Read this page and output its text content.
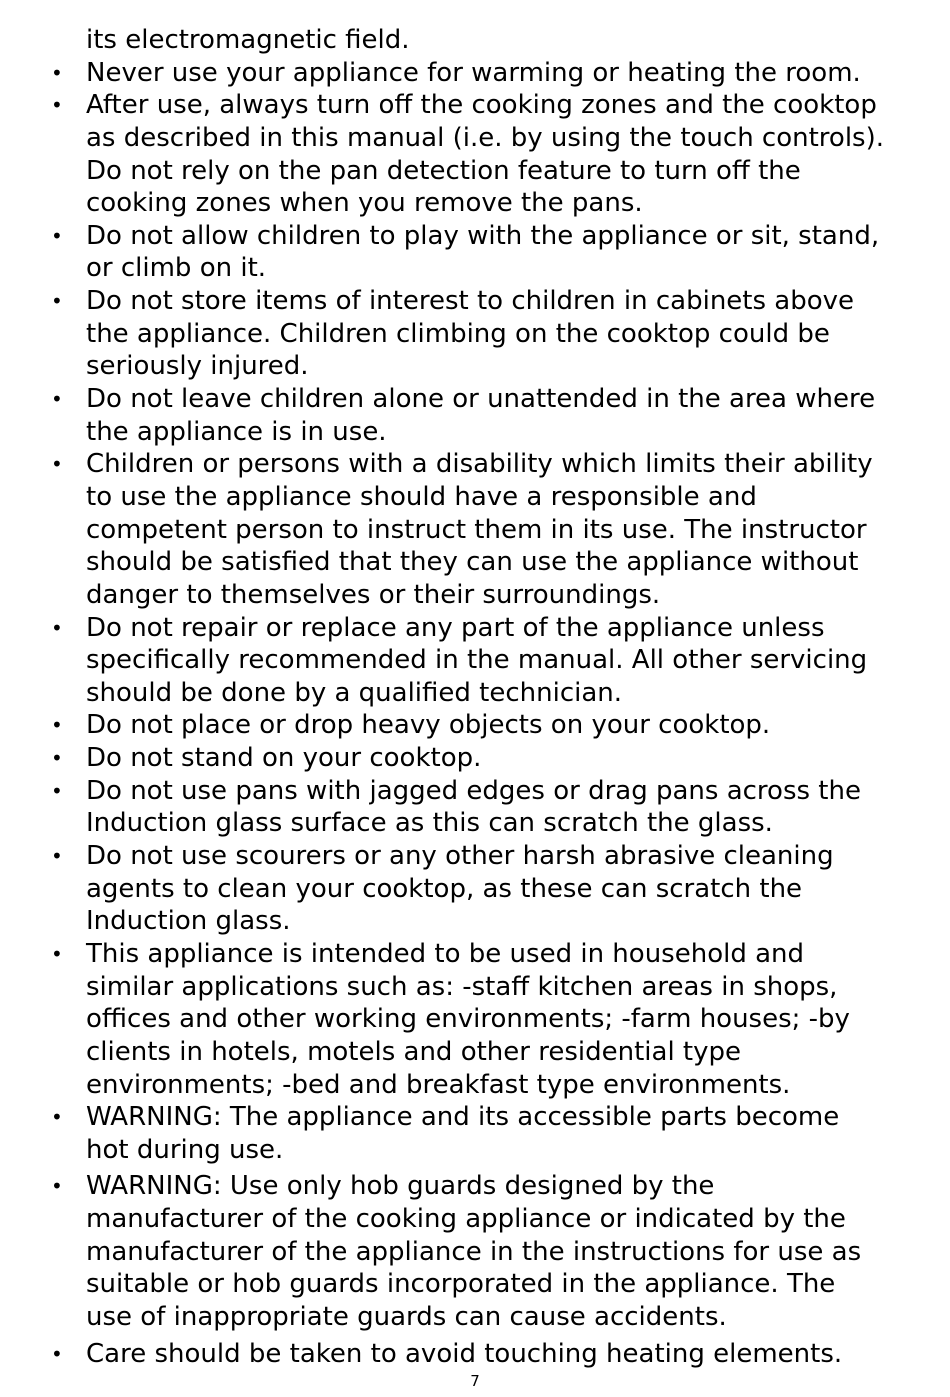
its electromagnetic field.
• Never use your appliance for warming or heating the room.
• After use, always turn off the cooking zones and the cooktop
as described in this manual (i.e. by using the touch controls).
Do not rely on the pan detection feature to turn off the
cooking zones when you remove the pans.
• Do not allow children to play with the appliance or sit, stand,
or climb on it.
• Do not store items of interest to children in cabinets above
the appliance. Children climbing on the cooktop could be
seriously injured.
• Do not leave children alone or unattended in the area where
the appliance is in use.
• Children or persons with a disability which limits their ability
to use the appliance should have a responsible and
competent person to instruct them in its use. The instructor
should be satisfied that they can use the appliance without
danger to themselves or their surroundings.
• Do not repair or replace any part of the appliance unless
specifically recommended in the manual. All other servicing
should be done by a qualified technician.
• Do not place or drop heavy objects on your cooktop.
• Do not stand on your cooktop.
• Do not use pans with jagged edges or drag pans across the
Induction glass surface as this can scratch the glass.
• Do not use scourers or any other harsh abrasive cleaning
agents to clean your cooktop, as these can scratch the
Induction glass.
• This appliance is intended to be used in household and
similar applications such as: -staff kitchen areas in shops,
offices and other working environments; -farm houses; -by
clients in hotels, motels and other residential type
environments; -bed and breakfast type environments.
• WARNING: The appliance and its accessible parts become
hot during use.
• WARNING: Use only hob guards designed by the
manufacturer of the cooking appliance or indicated by the
manufacturer of the appliance in the instructions for use as
suitable or hob guards incorporated in the appliance. The
use of inappropriate guards can cause accidents.
• Care should be taken to avoid touching heating elements.
7
